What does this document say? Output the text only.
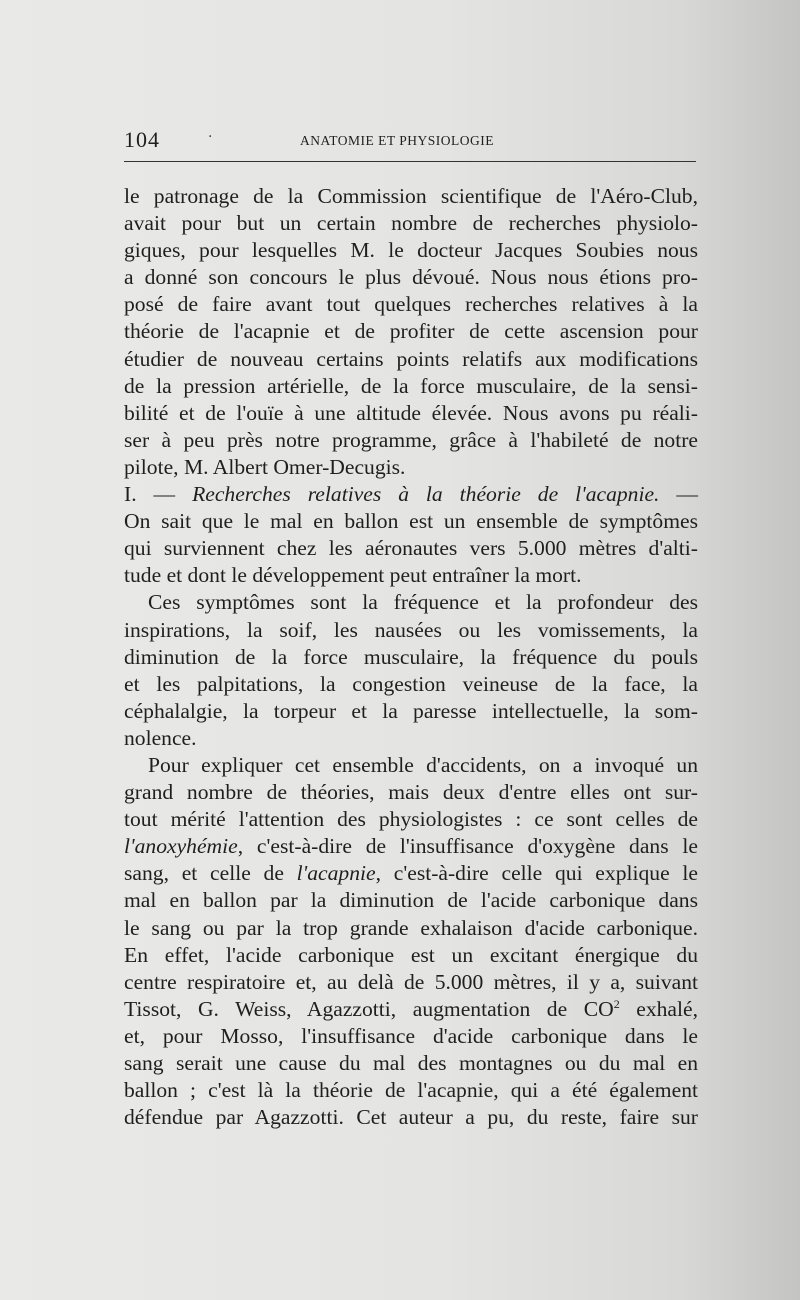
104	·	ANATOMIE ET PHYSIOLOGIE
le patronage de la Commission scientifique de l'Aéro-Club,
avait pour but un certain nombre de recherches physiolo-
giques, pour lesquelles M. le docteur Jacques Soubies nous
a donné son concours le plus dévoué. Nous nous étions pro-
posé de faire avant tout quelques recherches relatives à la
théorie de l'acapnie et de profiter de cette ascension pour
étudier de nouveau certains points relatifs aux modifications
de la pression artérielle, de la force musculaire, de la sensi-
bilité et de l'ouïe à une altitude élevée. Nous avons pu réali-
ser à peu près notre programme, grâce à l'habileté de notre
pilote, M. Albert Omer-Decugis.
I. — Recherches relatives à la théorie de l'acapnie. —
On sait que le mal en ballon est un ensemble de symptômes
qui surviennent chez les aéronautes vers 5.000 mètres d'alti-
tude et dont le développement peut entraîner la mort.
Ces symptômes sont la fréquence et la profondeur des
inspirations, la soif, les nausées ou les vomissements, la
diminution de la force musculaire, la fréquence du pouls
et les palpitations, la congestion veineuse de la face, la
céphalalgie, la torpeur et la paresse intellectuelle, la som-
nolence.
Pour expliquer cet ensemble d'accidents, on a invoqué un
grand nombre de théories, mais deux d'entre elles ont sur-
tout mérité l'attention des physiologistes : ce sont celles de
l'anoxyhémie, c'est-à-dire de l'insuffisance d'oxygène dans le
sang, et celle de l'acapnie, c'est-à-dire celle qui explique le
mal en ballon par la diminution de l'acide carbonique dans
le sang ou par la trop grande exhalaison d'acide carbonique.
En effet, l'acide carbonique est un excitant énergique du
centre respiratoire et, au delà de 5.000 mètres, il y a, suivant
Tissot, G. Weiss, Agazzotti, augmentation de $CO^2$ exhalé,
et, pour Mosso, l'insuffisance d'acide carbonique dans le
sang serait une cause du mal des montagnes ou du mal en
ballon ; c'est là la théorie de l'acapnie, qui a été également
défendue par Agazzotti. Cet auteur a pu, du reste, faire sur
